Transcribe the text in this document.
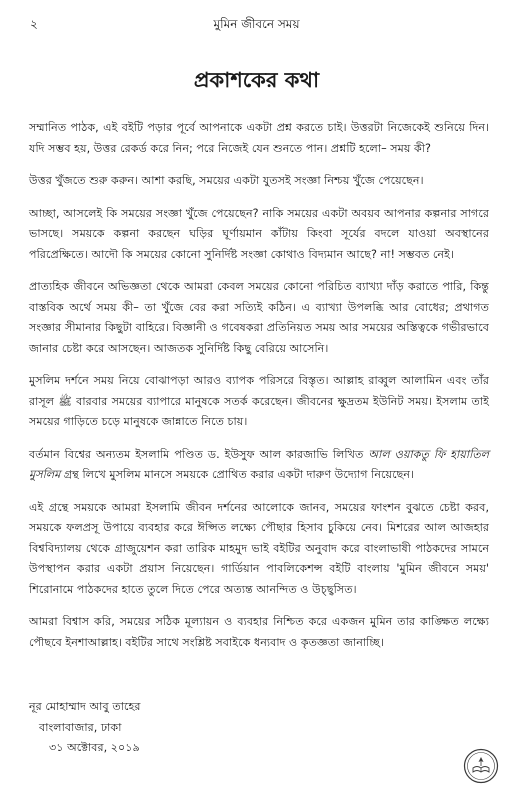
২	মুমিন জীবনে সময়
প্রকাশকের কথা

সম্মানিত পাঠক, এই বইটি পড়ার পূর্বে আপনাকে একটা প্রশ্ন করতে চাই। উত্তরটা নিজেকেই শুনিয়ে দিন। যদি সম্ভব হয়, উত্তর রেকর্ড করে নিন; পরে নিজেই যেন শুনতে পান। প্রশ্নটি হলো– সময় কী?

উত্তর খুঁজতে শুরু করুন। আশা করছি, সময়ের একটা যুতসই সংজ্ঞা নিশ্চয় খুঁজে পেয়েছেন।

আচ্ছা, আসলেই কি সময়ের সংজ্ঞা খুঁজে পেয়েছেন? নাকি সময়ের একটা অবয়ব আপনার কল্পনার সাগরে ভাসছে। সময়কে কল্পনা করছেন ঘড়ির ঘূর্ণায়মান কাঁটায় কিংবা সূর্যের বদলে যাওয়া অবস্থানের পরিপ্রেক্ষিতে। আদৌ কি সময়ের কোনো সুনির্দিষ্ট সংজ্ঞা কোথাও বিদ্যমান আছে? না! সম্ভবত নেই।

প্রাত্যহিক জীবনে অভিজ্ঞতা থেকে আমরা কেবল সময়ের কোনো পরিচিত ব্যাখ্যা দাঁড় করাতে পারি, কিন্তু বাস্তবিক অর্থে সময় কী– তা খুঁজে বের করা সত্যিই কঠিন। এ ব্যাখ্যা উপলব্ধি আর বোধের; প্রথাগত সংজ্ঞার সীমানার কিছুটা বাহিরে। বিজ্ঞানী ও গবেষকরা প্রতিনিয়ত সময় আর সময়ের অস্তিত্বকে গভীরভাবে জানার চেষ্টা করে আসছেন। আজতক সুনির্দিষ্ট কিছু বেরিয়ে আসেনি।

মুসলিম দর্শনে সময় নিয়ে বোঝাপড়া আরও ব্যাপক পরিসরে বিস্তৃত। আল্লাহ রাব্বুল আলামিন এবং তাঁর রাসূল ﷺ বারবার সময়ের ব্যাপারে মানুষকে সতর্ক করেছেন। জীবনের ক্ষুদ্রতম ইউনিট সময়। ইসলাম তাই সময়ের গাড়িতে চড়ে মানুষকে জান্নাতে নিতে চায়।

বর্তমান বিশ্বের অন্যতম ইসলামি পণ্ডিত ড. ইউসুফ আল কারজাভি লিখিত আল ওয়াকতু ফি হায়াতিল মুসলিম গ্রন্থ লিখে মুসলিম মানসে সময়কে প্রোথিত করার একটা দারুণ উদ্যোগ নিয়েছেন।

এই গ্রন্থে সময়কে আমরা ইসলামি জীবন দর্শনের আলোকে জানব, সময়ের ফাংশন বুঝতে চেষ্টা করব, সময়কে ফলপ্রসূ উপায়ে ব্যবহার করে ঈপ্সিত লক্ষ্যে পৌছার হিসাব চুকিয়ে নেব। মিশরের আল আজহার বিশ্ববিদ্যালয় থেকে গ্রাজুয়েশন করা তারিক মাহমুদ ভাই বইটির অনুবাদ করে বাংলাভাষী পাঠকদের সামনে উপস্থাপন করার একটা প্রয়াস নিয়েছেন। গার্ডিয়ান পাবলিকেশন্স বইটি বাংলায় 'মুমিন জীবনে সময়' শিরোনামে পাঠকদের হাতে তুলে দিতে পেরে অত্যন্ত আনন্দিত ও উচ্ছ্বসিত।

আমরা বিশ্বাস করি, সময়ের সঠিক মূল্যায়ন ও ব্যবহার নিশ্চিত করে একজন মুমিন তার কাঙ্ক্ষিত লক্ষ্যে পৌছবে ইনশাআল্লাহ। বইটির সাথে সংশ্লিষ্ট সবাইকে ধন্যবাদ ও কৃতজ্ঞতা জানাচ্ছি।

নূর মোহাম্মাদ আবু তাহের
বাংলাবাজার, ঢাকা
৩১ অক্টোবর, ২০১৯
